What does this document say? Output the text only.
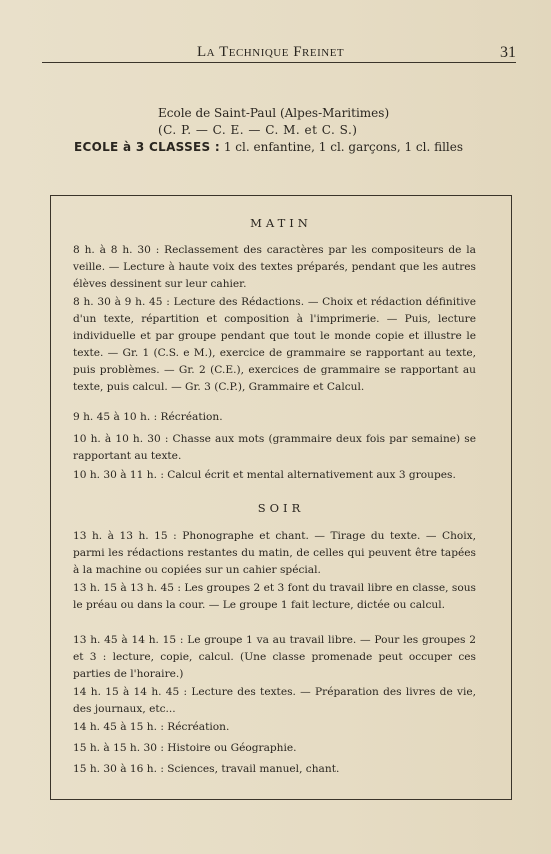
La Technique Freinet	31
Ecole de Saint-Paul (Alpes-Maritimes)
(C. P. — C. E. — C. M. et C. S.)
ECOLE à 3 CLASSES : 1 cl. enfantine, 1 cl. garçons, 1 cl. filles
MATIN
8 h. à 8 h. 30 : Reclassement des caractères par les compositeurs de la veille. — Lecture à haute voix des textes préparés, pendant que les autres élèves dessinent sur leur cahier.
8 h. 30 à 9 h. 45 : Lecture des Rédactions. — Choix et rédaction définitive d'un texte, répartition et composition à l'imprimerie. — Puis, lecture individuelle et par groupe pendant que tout le monde copie et illustre le texte. — Gr. 1 (C.S. e M.), exercice de grammaire se rapportant au texte, puis problèmes. — Gr. 2 (C.E.), exercices de grammaire se rapportant au texte, puis calcul. — Gr. 3 (C.P.), Grammaire et Calcul.
9 h. 45 à 10 h. : Récréation.
10 h. à 10 h. 30 : Chasse aux mots (grammaire deux fois par semaine) se rapportant au texte.
10 h. 30 à 11 h. : Calcul écrit et mental alternativement aux 3 groupes.
SOIR
13 h. à 13 h. 15 : Phonographe et chant. — Tirage du texte. — Choix, parmi les rédactions restantes du matin, de celles qui peuvent être tapées à la machine ou copiées sur un cahier spécial.
13 h. 15 à 13 h. 45 : Les groupes 2 et 3 font du travail libre en classe, sous le préau ou dans la cour. — Le groupe 1 fait lecture, dictée ou calcul.
13 h. 45 à 14 h. 15 : Le groupe 1 va au travail libre. — Pour les groupes 2 et 3 : lecture, copie, calcul. (Une classe promenade peut occuper ces parties de l'horaire.)
14 h. 15 à 14 h. 45 : Lecture des textes. — Préparation des livres de vie, des journaux, etc...
14 h. 45 à 15 h. : Récréation.
15 h. à 15 h. 30 : Histoire ou Géographie.
15 h. 30 à 16 h. : Sciences, travail manuel, chant.
